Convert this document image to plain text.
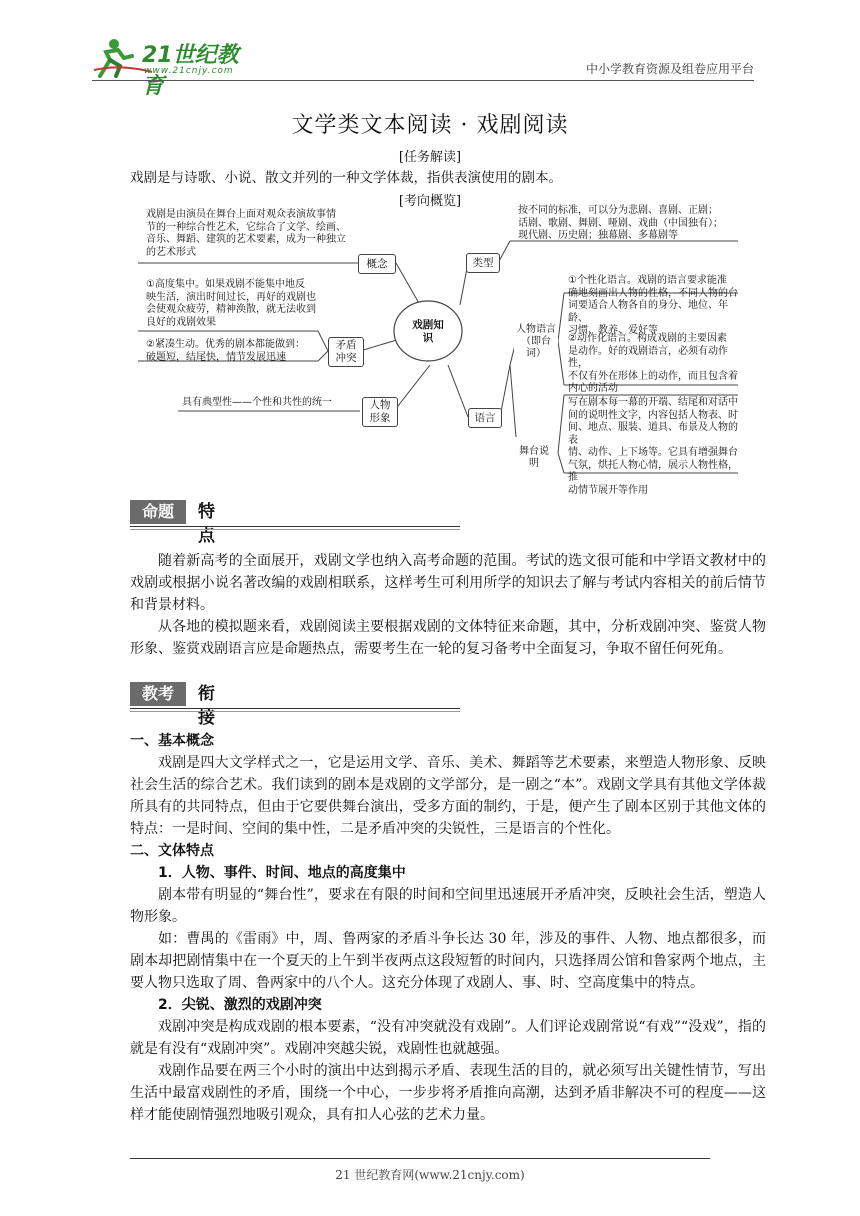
21世纪教育
www.21cnjy.com	中小学教育资源及组卷应用平台
文学类文本阅读 · 戏剧阅读
[任务解读]
戏剧是与诗歌、小说、散文并列的一种文学体裁，指供表演使用的剧本。
[考向概览]
戏剧知识
戏剧是由演员在舞台上面对观众表演故事情
节的一种综合性艺术，它综合了文学、绘画、
音乐、舞蹈、建筑的艺术要素，成为一种独立
的艺术形式
概念
①高度集中。如果戏剧不能集中地反
映生活，演出时间过长，再好的戏剧也
会使观众疲劳，精神涣散，就无法收到
良好的戏剧效果
②紧凑生动。优秀的剧本都能做到：
破题短，结尾快，情节发展迅速
矛盾冲突
具有典型性——个性和共性的统一	人物形象
类型
按不同的标准，可以分为悲剧、喜剧、正剧；
话剧、歌剧、舞剧、哑剧、戏曲（中国独有）；
现代剧、历史剧；独幕剧、多幕剧等
语言
人物语言（即台词）
①个性化语言。戏剧的语言要求能准
确地刻画出人物的性格，不同人物的台
词要适合人物各自的身分、地位、年龄、
习惯、教养、爱好等
②动作化语言。构成戏剧的主要因素
是动作。好的戏剧语言，必须有动作性，
不仅有外在形体上的动作，而且包含着
内心的活动
舞台说明
写在剧本每一幕的开端、结尾和对话中
间的说明性文字，内容包括人物表、时
间、地点、服装、道具、布景及人物的表
情、动作、上下场等。它具有增强舞台
气氛，烘托人物心情，展示人物性格，推
动情节展开等作用
命题	特点
随着新高考的全面展开，戏剧文学也纳入高考命题的范围。考试的选文很可能和中学语文教材中的戏剧或根据小说名著改编的戏剧相联系，这样考生可利用所学的知识去了解与考试内容相关的前后情节和背景材料。
从各地的模拟题来看，戏剧阅读主要根据戏剧的文体特征来命题，其中，分析戏剧冲突、鉴赏人物形象、鉴赏戏剧语言应是命题热点，需要考生在一轮的复习备考中全面复习，争取不留任何死角。
教考	衔接
一、基本概念
戏剧是四大文学样式之一，它是运用文学、音乐、美术、舞蹈等艺术要素，来塑造人物形象、反映社会生活的综合艺术。我们读到的剧本是戏剧的文学部分，是一剧之“本”。戏剧文学具有其他文学体裁所具有的共同特点，但由于它要供舞台演出，受多方面的制约，于是，便产生了剧本区别于其他文体的特点：一是时间、空间的集中性，二是矛盾冲突的尖锐性，三是语言的个性化。
二、文体特点
1．人物、事件、时间、地点的高度集中
剧本带有明显的“舞台性”，要求在有限的时间和空间里迅速展开矛盾冲突，反映社会生活，塑造人物形象。
如：曹禺的《雷雨》中，周、鲁两家的矛盾斗争长达 30 年，涉及的事件、人物、地点都很多，而剧本却把剧情集中在一个夏天的上午到半夜两点这段短暂的时间内，只选择周公馆和鲁家两个地点，主要人物只选取了周、鲁两家中的八个人。这充分体现了戏剧人、事、时、空高度集中的特点。
2．尖锐、激烈的戏剧冲突
戏剧冲突是构成戏剧的根本要素，“没有冲突就没有戏剧”。人们评论戏剧常说“有戏”“没戏”，指的就是有没有“戏剧冲突”。戏剧冲突越尖锐，戏剧性也就越强。
戏剧作品要在两三个小时的演出中达到揭示矛盾、表现生活的目的，就必须写出关键性情节，写出生活中最富戏剧性的矛盾，围绕一个中心，一步步将矛盾推向高潮，达到矛盾非解决不可的程度——这样才能使剧情强烈地吸引观众，具有扣人心弦的艺术力量。
21 世纪教育网(www.21cnjy.com)
